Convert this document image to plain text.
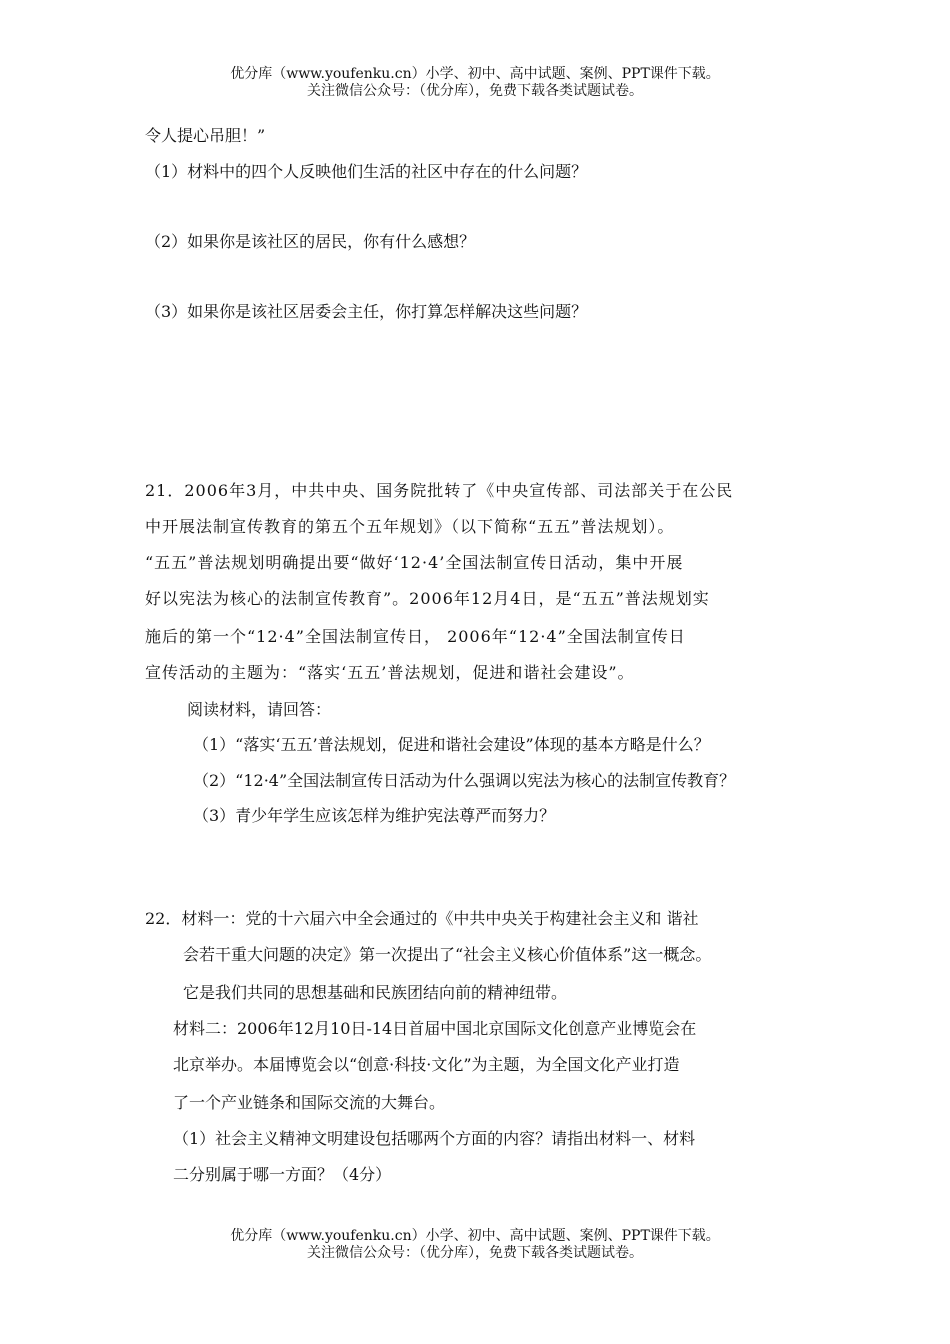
优分库（www.youfenku.cn）小学、初中、高中试题、案例、PPT课件下载。
关注微信公众号：（优分库），免费下载各类试题试卷。
令人提心吊胆！”
（1）材料中的四个人反映他们生活的社区中存在的什么问题？
（2）如果你是该社区的居民，你有什么感想？
（3）如果你是该社区居委会主任，你打算怎样解决这些问题？
21．2006年3月，中共中央、国务院批转了《中央宣传部、司法部关于在公民
中开展法制宣传教育的第五个五年规划》（以下简称“五五”普法规划）。
“五五”普法规划明确提出要“做好‘12·4’全国法制宣传日活动，集中开展
好以宪法为核心的法制宣传教育”。2006年12月4日，是“五五”普法规划实
施后的第一个“12·4”全国法制宣传日， 2006年“12·4”全国法制宣传日
宣传活动的主题为：“落实‘五五’普法规划，促进和谐社会建设”。
阅读材料，请回答：
（1）“落实‘五五’普法规划，促进和谐社会建设”体现的基本方略是什么？
（2）“12·4”全国法制宣传日活动为什么强调以宪法为核心的法制宣传教育？
（3）青少年学生应该怎样为维护宪法尊严而努力？
22．材料一：党的十六届六中全会通过的《中共中央关于构建社会主义和 谐社
会若干重大问题的决定》第一次提出了“社会主义核心价值体系”这一概念。
它是我们共同的思想基础和民族团结向前的精神纽带。
材料二：2006年12月10日-14日首届中国北京国际文化创意产业博览会在
北京举办。本届博览会以“创意·科技·文化”为主题，为全国文化产业打造
了一个产业链条和国际交流的大舞台。
（1）社会主义精神文明建设包括哪两个方面的内容？请指出材料一、材料
二分别属于哪一方面？（4分）
优分库（www.youfenku.cn）小学、初中、高中试题、案例、PPT课件下载。
关注微信公众号：（优分库），免费下载各类试题试卷。
